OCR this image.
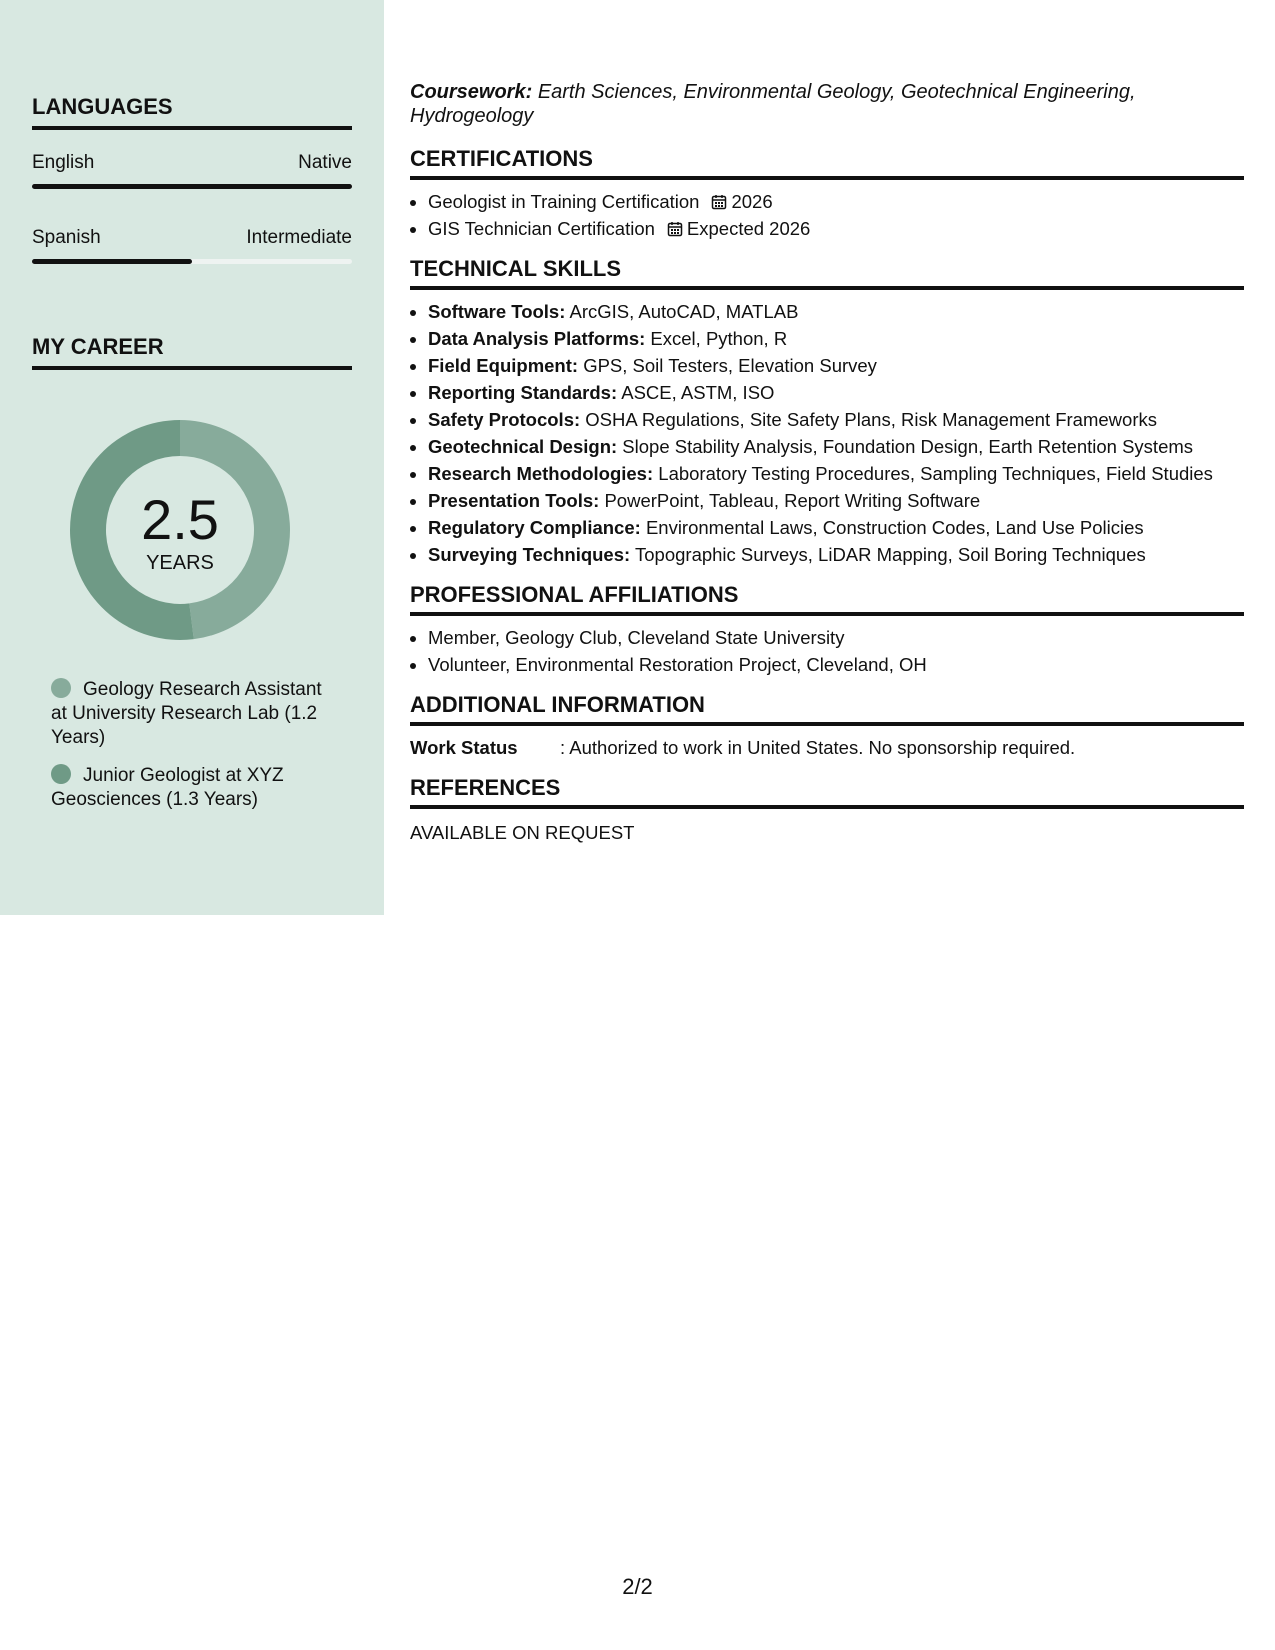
LANGUAGES
English	Native
Spanish	Intermediate
MY CAREER
2.5
YEARS
Geology Research Assistant at University Research Lab (1.2 Years)
Junior Geologist at XYZ Geosciences (1.3 Years)

Coursework: Earth Sciences, Environmental Geology, Geotechnical Engineering, Hydrogeology

CERTIFICATIONS
• Geologist in Training Certification 2026
• GIS Technician Certification Expected 2026
TECHNICAL SKILLS
• Software Tools: ArcGIS, AutoCAD, MATLAB
• Data Analysis Platforms: Excel, Python, R
• Field Equipment: GPS, Soil Testers, Elevation Survey
• Reporting Standards: ASCE, ASTM, ISO
• Safety Protocols: OSHA Regulations, Site Safety Plans, Risk Management Frameworks
• Geotechnical Design: Slope Stability Analysis, Foundation Design, Earth Retention Systems
• Research Methodologies: Laboratory Testing Procedures, Sampling Techniques, Field Studies
• Presentation Tools: PowerPoint, Tableau, Report Writing Software
• Regulatory Compliance: Environmental Laws, Construction Codes, Land Use Policies
• Surveying Techniques: Topographic Surveys, LiDAR Mapping, Soil Boring Techniques
PROFESSIONAL AFFILIATIONS
• Member, Geology Club, Cleveland State University
• Volunteer, Environmental Restoration Project, Cleveland, OH
ADDITIONAL INFORMATION
Work Status : Authorized to work in United States. No sponsorship required.
REFERENCES

AVAILABLE ON REQUEST

2/2
